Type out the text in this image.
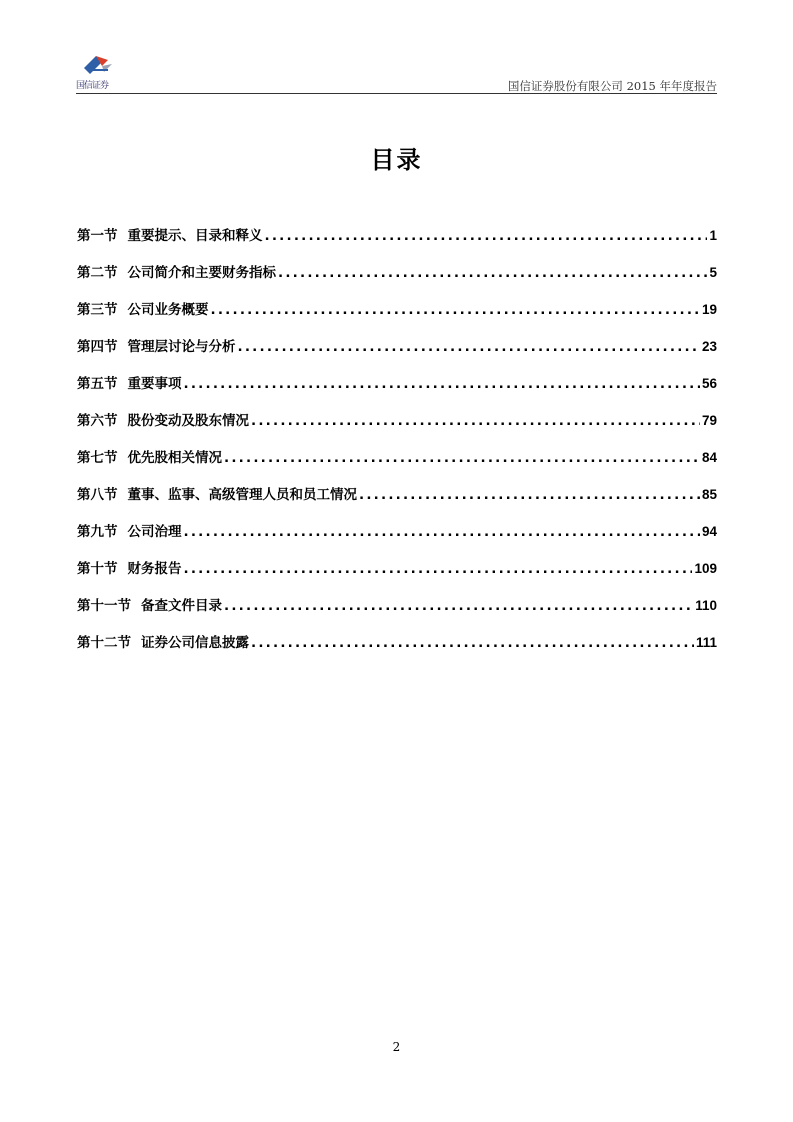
国信证券	国信证券股份有限公司 2015 年年度报告
目录
第一节 重要提示、目录和释义 .....	1
第二节 公司简介和主要财务指标 .....	5
第三节 公司业务概要 .....	19
第四节 管理层讨论与分析 .....	23
第五节 重要事项 .....	56
第六节 股份变动及股东情况 .....	79
第七节 优先股相关情况 .....	84
第八节 董事、监事、高级管理人员和员工情况 .....	85
第九节 公司治理 .....	94
第十节 财务报告 .....	109
第十一节 备查文件目录 .....	110
第十二节 证券公司信息披露 .....	111
2
